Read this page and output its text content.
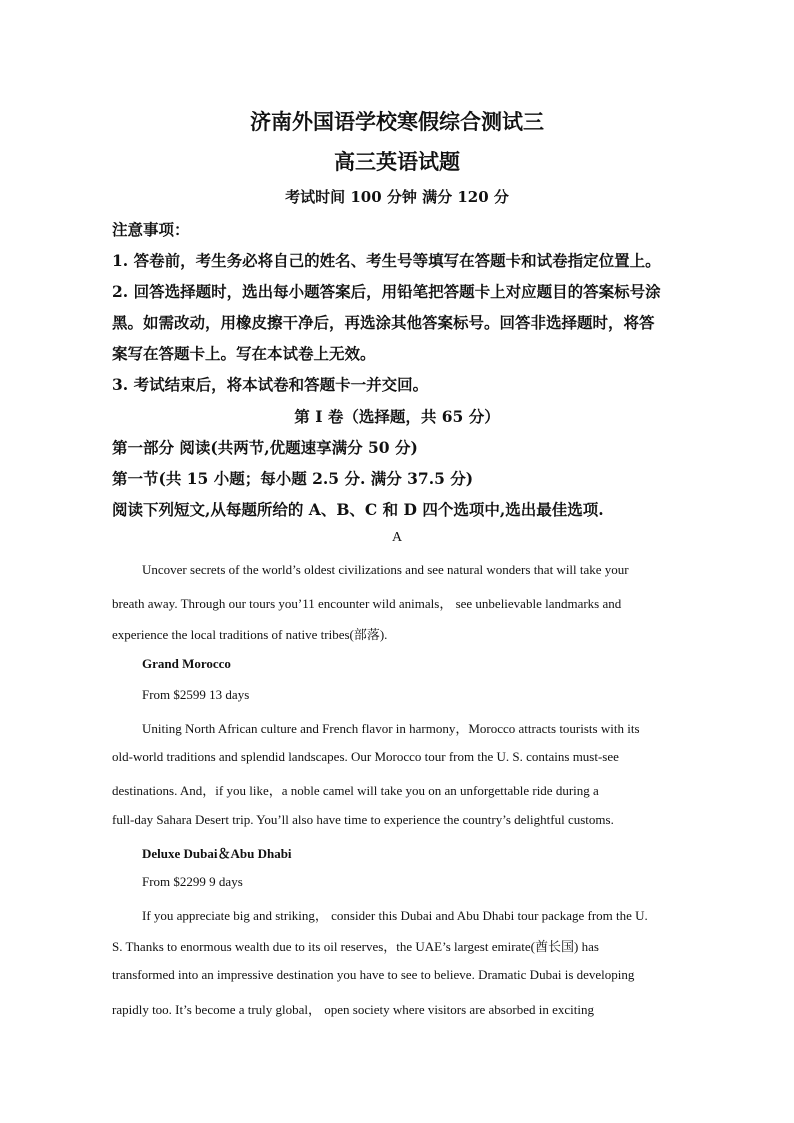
济南外国语学校寒假综合测试三
高三英语试题
考试时间 100 分钟 满分 120 分
注意事项：
1. 答卷前，考生务必将自己的姓名、考生号等填写在答题卡和试卷指定位置上。
2. 回答选择题时，选出每小题答案后，用铅笔把答题卡上对应题目的答案标号涂
黑。如需改动，用橡皮擦干净后，再选涂其他答案标号。回答非选择题时，将答
案写在答题卡上。写在本试卷上无效。
3. 考试结束后，将本试卷和答题卡一并交回。
第 I 卷（选择题，共 65 分）
第一部分 阅读(共两节,优题速享满分 50 分)
第一节(共 15 小题；每小题 2.5 分. 满分 37.5 分)
阅读下列短文,从每题所给的 A、B、C 和 D 四个选项中,选出最佳选项.
A
Uncover secrets of the world’s oldest civilizations and see natural wonders that will take your
breath away. Through our tours you’11 encounter wild animals， see unbelievable landmarks and
experience the local traditions of native tribes(部落).
Grand Morocco
From $2599 13 days
Uniting North African culture and French flavor in harmony，Morocco attracts tourists with its
old-world traditions and splendid landscapes. Our Morocco tour from the U. S. contains must-see
destinations. And，if you like，a noble camel will take you on an unforgettable ride during a
full-day Sahara Desert trip. You’ll also have time to experience the country’s delightful customs.
Deluxe Dubai＆Abu Dhabi
From $2299 9 days
If you appreciate big and striking， consider this Dubai and Abu Dhabi tour package from the U.
S. Thanks to enormous wealth due to its oil reserves，the UAE’s largest emirate(酋长国) has
transformed into an impressive destination you have to see to believe. Dramatic Dubai is developing
rapidly too. It’s become a truly global， open society where visitors are absorbed in exciting
